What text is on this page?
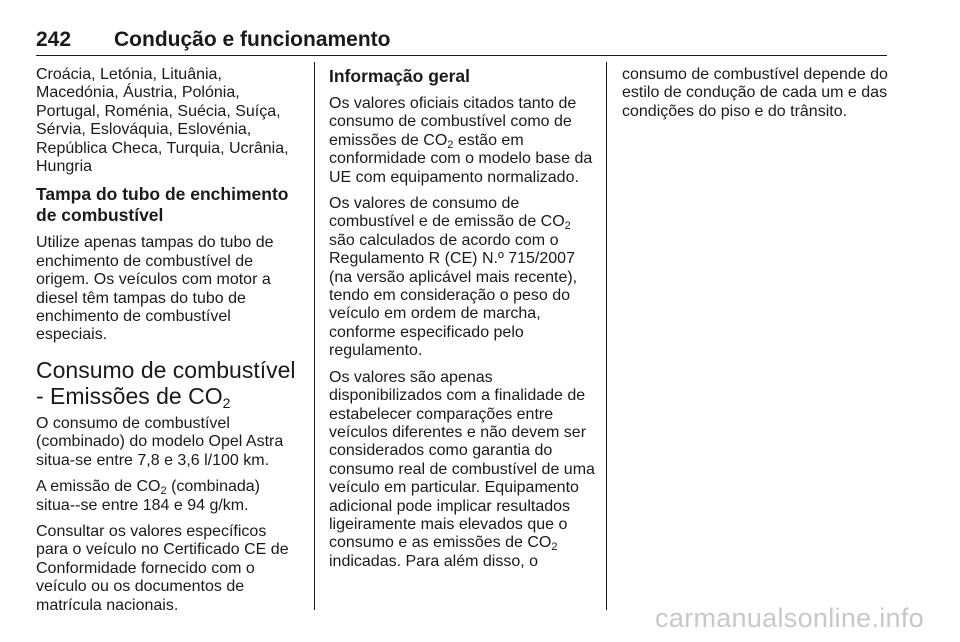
242	Condução e funcionamento

Croácia, Letónia, Lituânia, Macedónia, Áustria, Polónia, Portugal, Roménia, Suécia, Suíça, Sérvia, Eslováquia, Eslovénia, República Checa, Turquia, Ucrânia, Hungria

Tampa do tubo de enchimento de combustível

Utilize apenas tampas do tubo de enchimento de combustível de origem. Os veículos com motor a diesel têm tampas do tubo de enchimento de combustível especiais.

Consumo de combustível - Emissões de $CO_2$

O consumo de combustível (combinado) do modelo Opel Astra situa-se entre 7,8 e 3,6 l/100 km.

A emissão de $CO_2$ (combinada) situa--se entre 184 e 94 g/km.

Consultar os valores específicos para o veículo no Certificado CE de Conformidade fornecido com o veículo ou os documentos de matrícula nacionais.

Informação geral

Os valores oficiais citados tanto de consumo de combustível como de emissões de $CO_2$ estão em conformidade com o modelo base da UE com equipamento normalizado.

Os valores de consumo de combustível e de emissão de $CO_2$ são calculados de acordo com o Regulamento R (CE) N.º 715/2007 (na versão aplicável mais recente), tendo em consideração o peso do veículo em ordem de marcha, conforme especificado pelo regulamento.

Os valores são apenas disponibilizados com a finalidade de estabelecer comparações entre veículos diferentes e não devem ser considerados como garantia do consumo real de combustível de uma veículo em particular. Equipamento adicional pode implicar resultados ligeiramente mais elevados que o consumo e as emissões de $CO_2$ indicadas. Para além disso, o

consumo de combustível depende do estilo de condução de cada um e das condições do piso e do trânsito.

carmanualsonline.info
